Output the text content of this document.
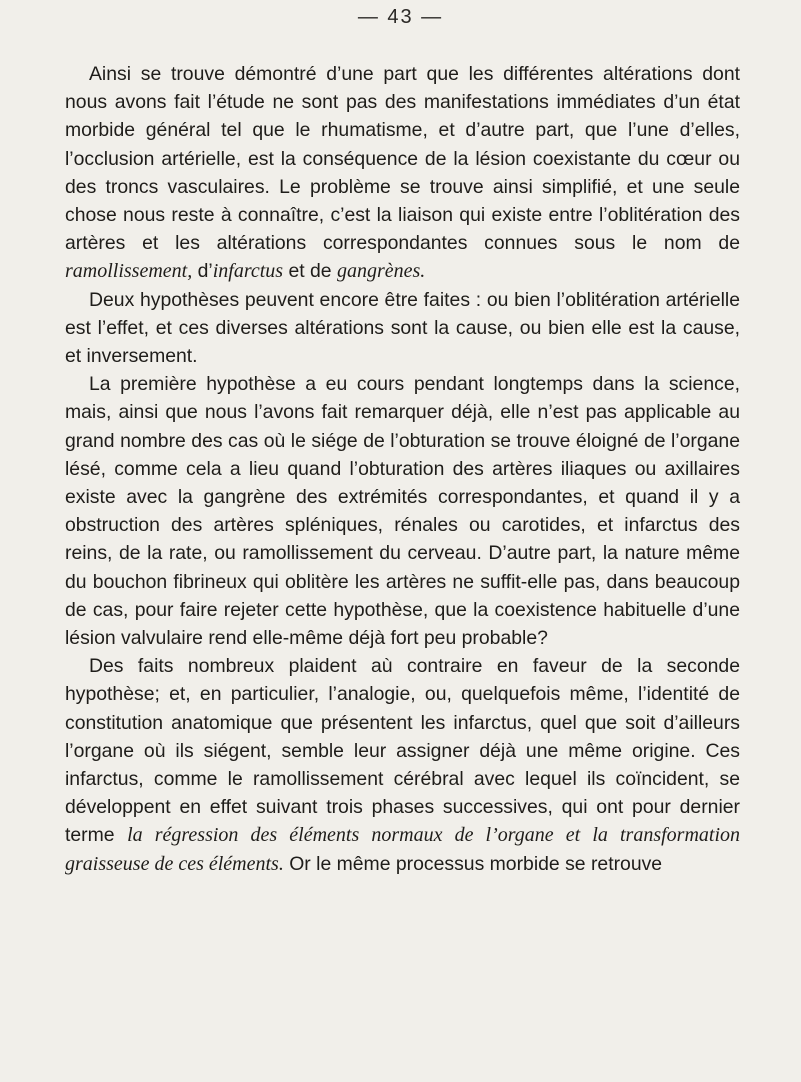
— 43 —

Ainsi se trouve démontré d’une part que les différentes altérations dont nous avons fait l’étude ne sont pas des manifestations immédiates d’un état morbide général tel que le rhumatisme, et d’autre part, que l’une d’elles, l’occlusion artérielle, est la conséquence de la lésion coexistante du cœur ou des troncs vasculaires. Le problème se trouve ainsi simplifié, et une seule chose nous reste à connaître, c’est la liaison qui existe entre l’oblitération des artères et les altérations correspondantes connues sous le nom de ramollissement, d’infarctus et de gangrènes.

Deux hypothèses peuvent encore être faites : ou bien l’oblitération artérielle est l’effet, et ces diverses altérations sont la cause, ou bien elle est la cause, et inversement.

La première hypothèse a eu cours pendant longtemps dans la science, mais, ainsi que nous l’avons fait remarquer déjà, elle n’est pas applicable au grand nombre des cas où le siége de l’obturation se trouve éloigné de l’organe lésé, comme cela a lieu quand l’obturation des artères iliaques ou axillaires existe avec la gangrène des extrémités correspondantes, et quand il y a obstruction des artères spléniques, rénales ou carotides, et infarctus des reins, de la rate, ou ramollissement du cerveau. D’autre part, la nature même du bouchon fibrineux qui oblitère les artères ne suffit-elle pas, dans beaucoup de cas, pour faire rejeter cette hypothèse, que la coexistence habituelle d’une lésion valvulaire rend elle-même déjà fort peu probable?

Des faits nombreux plaident aù contraire en faveur de la seconde hypothèse; et, en particulier, l’analogie, ou, quelquefois même, l’identité de constitution anatomique que présentent les infarctus, quel que soit d’ailleurs l’organe où ils siégent, semble leur assigner déjà une même origine. Ces infarctus, comme le ramollissement cérébral avec lequel ils coïncident, se développent en effet suivant trois phases successives, qui ont pour dernier terme la régression des éléments normaux de l’organe et la transformation graisseuse de ces éléments. Or le même processus morbide se retrouve
